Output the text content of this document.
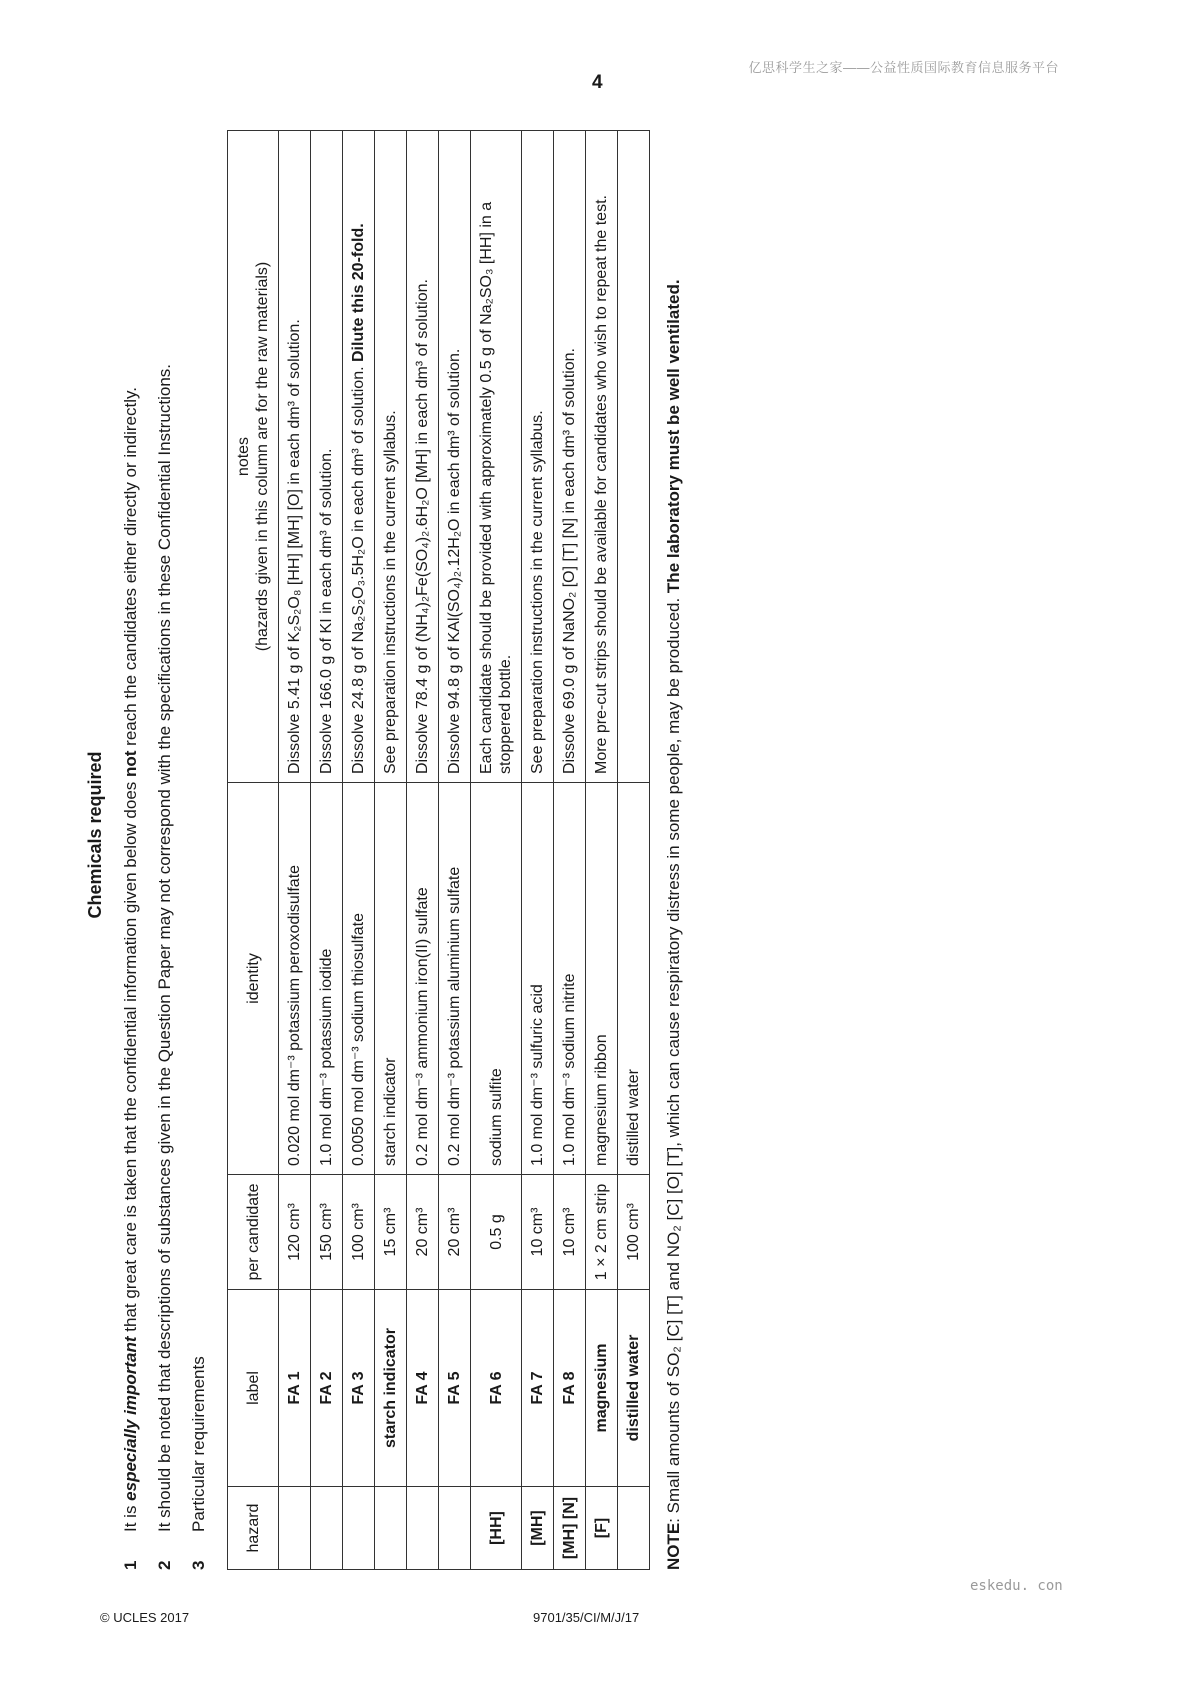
亿思科学生之家——公益性质国际教育信息服务平台
4
Chemicals required
1
It is especially important that great care is taken that the confidential information given below does not reach the candidates either directly or indirectly.
2
It should be noted that descriptions of substances given in the Question Paper may not correspond with the specifications in these Confidential Instructions.
3
Particular requirements hazard	label	per candidate	identity	notes (hazards given in this column are for the raw materials)

	FA 1	120 cm³	0.020 mol dm⁻³ potassium peroxodisulfate	Dissolve 5.41 g of K₂S₂O₈ [HH] [MH] [O] in each dm³ of solution.
	FA 2	150 cm³	1.0 mol dm⁻³ potassium iodide	Dissolve 166.0 g of KI in each dm³ of solution.
	FA 3	100 cm³	0.0050 mol dm⁻³ sodium thiosulfate	Dissolve 24.8 g of Na₂S₂O₃.5H₂O in each dm³ of solution. Dilute this 20-fold.
	starch indicator	15 cm³	starch indicator	See preparation instructions in the current syllabus.
	FA 4	20 cm³	0.2 mol dm⁻³ ammonium iron(II) sulfate	Dissolve 78.4 g of (NH₄)₂Fe(SO₄)₂.6H₂O [MH] in each dm³ of solution.
	FA 5	20 cm³	0.2 mol dm⁻³ potassium aluminium sulfate	Dissolve 94.8 g of KAl(SO₄)₂.12H₂O in each dm³ of solution.
[HH]	FA 6	0.5 g	sodium sulfite	Each candidate should be provided with approximately 0.5 g of Na₂SO₃ [HH] in a stoppered bottle.
[MH]	FA 7	10 cm³	1.0 mol dm⁻³ sulfuric acid	See preparation instructions in the current syllabus.
[MH] [N]	FA 8	10 cm³	1.0 mol dm⁻³ sodium nitrite	Dissolve 69.0 g of NaNO₂ [O] [T] [N] in each dm³ of solution.
[F]	magnesium	1 × 2 cm strip	magnesium ribbon	More pre-cut strips should be available for candidates who wish to repeat the test.
	distilled water	100 cm³	distilled water	
NOTE
: Small amounts of SO₂ [C] [T] and NO₂ [C] [O] [T], which can cause respiratory distress in some people, may be produced. The laboratory must be well ventilated.
eskedu. con
© UCLES 2017	9701/35/CI/M/J/17
